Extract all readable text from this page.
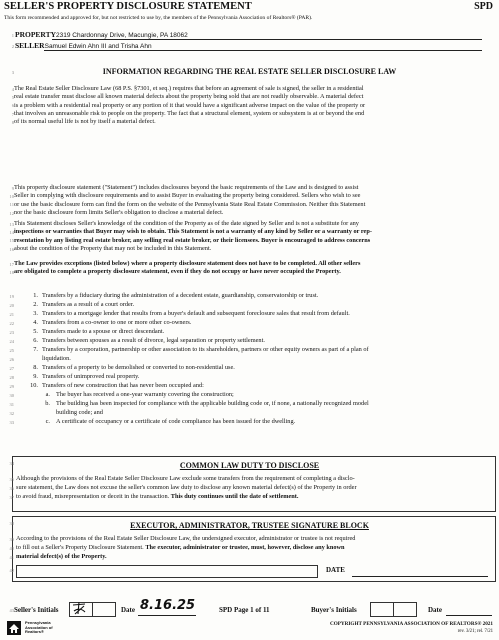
SELLER'S PROPERTY DISCLOSURE STATEMENT	SPD
This form recommended and approved for, but not restricted to use by, the members of the Pennsylvania Association of Realtors® (PAR).
1 PROPERTY2319 Chardonnay Drive, Macungie, PA 18062
2 SELLERSamuel Edwin Ahn III and Trisha Ahn
3	INFORMATION REGARDING THE REAL ESTATE SELLER DISCLOSURE LAW
4
5
6
7
8
The Real Estate Seller Disclosure Law (68 P.S. §7301, et seq.) requires that before an agreement of sale is signed, the seller in a residential
real estate transfer must disclose all known material defects about the property being sold that are not readily observable. A material defect
is a problem with a residential real property or any portion of it that would have a significant adverse impact on the value of the property or
that involves an unreasonable risk to people on the property. The fact that a structural element, system or subsystem is at or beyond the end
of its normal useful life is not by itself a material defect.
9
10
11
12
This property disclosure statement ("Statement") includes disclosures beyond the basic requirements of the Law and is designed to assist
Seller in complying with disclosure requirements and to assist Buyer in evaluating the property being considered. Sellers who wish to see
or use the basic disclosure form can find the form on the website of the Pennsylvania State Real Estate Commission. Neither this Statement
nor the basic disclosure form limits Seller's obligation to disclose a material defect.
13
14
15
16
This Statement discloses Seller's knowledge of the condition of the Property as of the date signed by Seller and is not a substitute for any
inspections or warranties that Buyer may wish to obtain. This Statement is not a warranty of any kind by Seller or a warranty or rep-
resentation by any listing real estate broker, any selling real estate broker, or their licensees. Buyer is encouraged to address concerns
about the condition of the Property that may not be included in this Statement.
17
18
The Law provides exceptions (listed below) where a property disclosure statement does not have to be completed. All other sellers
are obligated to complete a property disclosure statement, even if they do not occupy or have never occupied the Property.
19
20
21
22
23
24
25
26
27
28
29
30
31
32
33
1. Transfers by a fiduciary during the administration of a decedent estate, guardianship, conservatorship or trust.
2. Transfers as a result of a court order.
3. Transfers to a mortgage lender that results from a buyer's default and subsequent foreclosure sales that result from default.
4. Transfers from a co-owner to one or more other co-owners.
5. Transfers made to a spouse or direct descendant.
6. Transfers between spouses as a result of divorce, legal separation or property settlement.
7. Transfers by a corporation, partnership or other association to its shareholders, partners or other equity owners as part of a plan of
liquidation.
8. Transfers of a property to be demolished or converted to non-residential use.
9. Transfers of unimproved real property.
10. Transfers of new construction that has never been occupied and:
a. The buyer has received a one-year warranty covering the construction;
b. The building has been inspected for compliance with the applicable building code or, if none, a nationally recognized model
building code; and
c. A certificate of occupancy or a certificate of code compliance has been issued for the dwelling.
34
35
36
37
COMMON LAW DUTY TO DISCLOSE
Although the provisions of the Real Estate Seller Disclosure Law exclude some transfers from the requirement of completing a disclo-
sure statement, the Law does not excuse the seller's common law duty to disclose any known material defect(s) of the Property in order
to avoid fraud, misrepresentation or deceit in the transaction. This duty continues until the date of settlement.
38
39
40
41
42
EXECUTOR, ADMINISTRATOR, TRUSTEE SIGNATURE BLOCK
According to the provisions of the Real Estate Seller Disclosure Law, the undersigned executor, administrator or trustee is not required
to fill out a Seller's Property Disclosure Statement. The executor, administrator or trustee, must, however, disclose any known
material defect(s) of the Property.
DATE
43 Seller's Initials	Date 8.16.25	SPD Page 1 of 11	Buyer's Initials	Date
Pennsylvania
Association of
Realtors®
COPYRIGHT PENNSYLVANIA ASSOCIATION OF REALTORS® 2021
rev. 3/21; rel. 7/21
